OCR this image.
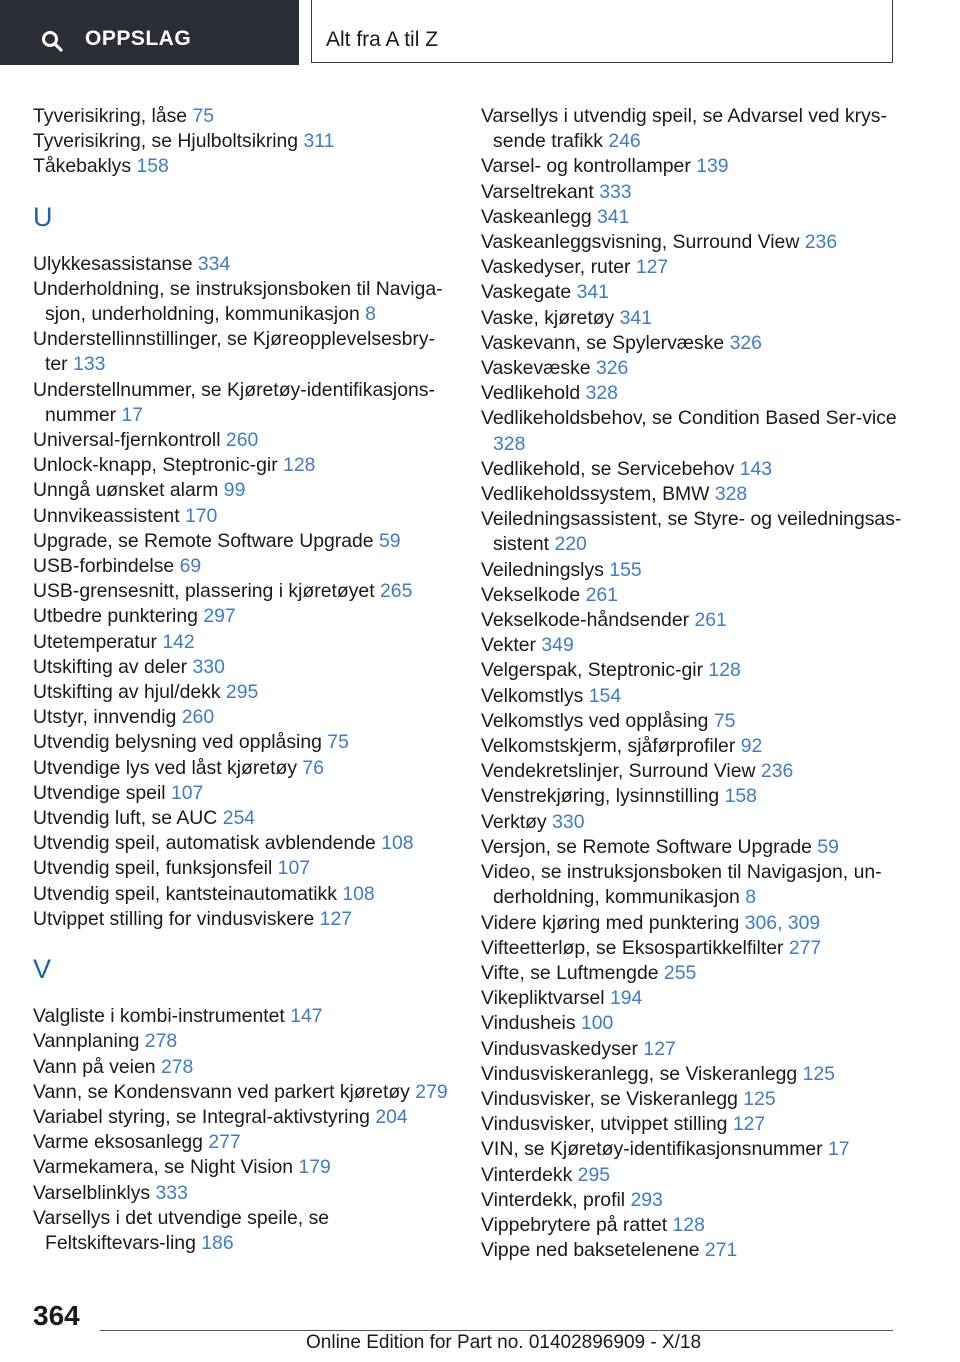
OPPSLAG	Alt fra A til Z
Tyverisikring, låse 75
Tyverisikring, se Hjulboltsikring 311
Tåkebaklys 158
U
Ulykkesassistanse 334
Underholdning, se instruksjonsboken til Naviga-sjon, underholdning, kommunikasjon 8
Understellinnstillinger, se Kjøreopplevelsesbry-ter 133
Understellnummer, se Kjøretøy-identifikasjons-nummer 17
Universal-fjernkontroll 260
Unlock-knapp, Steptronic-gir 128
Unngå uønsket alarm 99
Unnvikeassistent 170
Upgrade, se Remote Software Upgrade 59
USB-forbindelse 69
USB-grensesnitt, plassering i kjøretøyet 265
Utbedre punktering 297
Utetemperatur 142
Utskifting av deler 330
Utskifting av hjul/dekk 295
Utstyr, innvendig 260
Utvendig belysning ved opplåsing 75
Utvendige lys ved låst kjøretøy 76
Utvendige speil 107
Utvendig luft, se AUC 254
Utvendig speil, automatisk avblendende 108
Utvendig speil, funksjonsfeil 107
Utvendig speil, kantsteinautomatikk 108
Utvippet stilling for vindusviskere 127
V
Valgliste i kombi-instrumentet 147
Vannplaning 278
Vann på veien 278
Vann, se Kondensvann ved parkert kjøretøy 279
Variabel styring, se Integral-aktivstyring 204
Varme eksosanlegg 277
Varmekamera, se Night Vision 179
Varselblinklys 333
Varsellys i det utvendige speile, se Feltskiftevars-ling 186
Varsellys i utvendig speil, se Advarsel ved krys-sende trafikk 246
Varsel- og kontrollamper 139
Varseltrekant 333
Vaskeanlegg 341
Vaskeanleggsvisning, Surround View 236
Vaskedyser, ruter 127
Vaskegate 341
Vaske, kjøretøy 341
Vaskevann, se Spylervæske 326
Vaskevæske 326
Vedlikehold 328
Vedlikeholdsbehov, se Condition Based Ser-vice 328
Vedlikehold, se Servicebehov 143
Vedlikeholdssystem, BMW 328
Veiledningsassistent, se Styre- og veiledningsas-sistent 220
Veiledningslys 155
Vekselkode 261
Vekselkode-håndsender 261
Vekter 349
Velgerspak, Steptronic-gir 128
Velkomstlys 154
Velkomstlys ved opplåsing 75
Velkomstskjerm, sjåførprofiler 92
Vendekretslinjer, Surround View 236
Venstrekjøring, lysinnstilling 158
Verktøy 330
Versjon, se Remote Software Upgrade 59
Video, se instruksjonsboken til Navigasjon, un-derholdning, kommunikasjon 8
Videre kjøring med punktering 306, 309
Vifteetterløp, se Eksospartikkelfilter 277
Vifte, se Luftmengde 255
Vikepliktvarsel 194
Vindusheis 100
Vindusvaskedyser 127
Vindusviskeranlegg, se Viskeranlegg 125
Vindusvisker, se Viskeranlegg 125
Vindusvisker, utvippet stilling 127
VIN, se Kjøretøy-identifikasjonsnummer 17
Vinterdekk 295
Vinterdekk, profil 293
Vippebrytere på rattet 128
Vippe ned baksetelenene 271
364
Online Edition for Part no. 01402896909 - X/18
